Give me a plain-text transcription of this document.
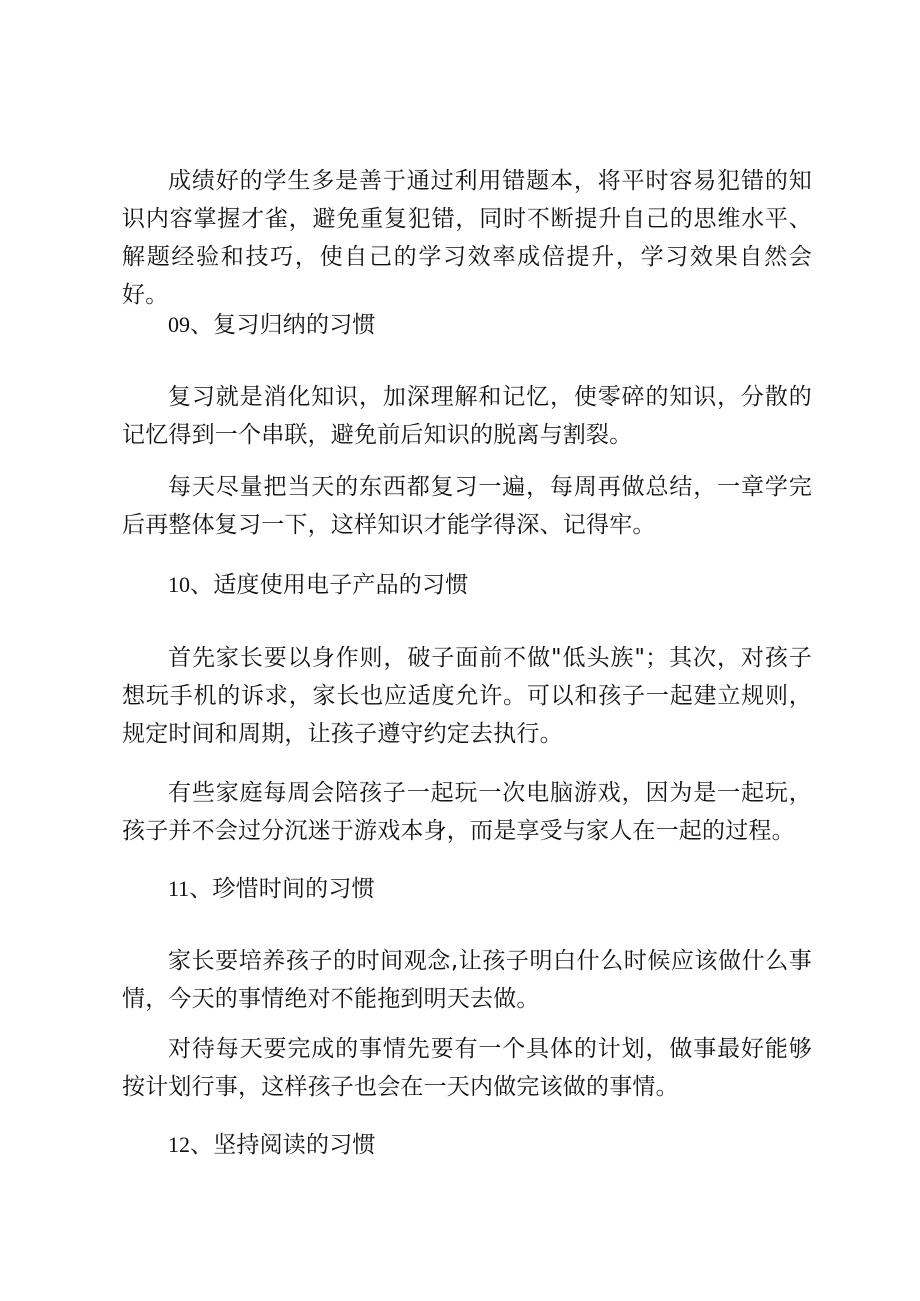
成绩好的学生多是善于通过利用错题本，将平时容易犯错的知识内容掌握才雀，避免重复犯错，同时不断提升自己的思维水平、解题经验和技巧，使自己的学习效率成倍提升，学习效果自然会好。

09、复习归纳的习惯

复习就是消化知识，加深理解和记忆，使零碎的知识，分散的记忆得到一个串联，避免前后知识的脱离与割裂。

每天尽量把当天的东西都复习一遍，每周再做总结，一章学完后再整体复习一下，这样知识才能学得深、记得牢。

10、适度使用电子产品的习惯

首先家长要以身作则，破子面前不做"低头族"；其次，对孩子想玩手机的诉求，家长也应适度允许。可以和孩子一起建立规则，规定时间和周期，让孩子遵守约定去执行。

有些家庭每周会陪孩子一起玩一次电脑游戏，因为是一起玩，孩子并不会过分沉迷于游戏本身，而是享受与家人在一起的过程。

11、珍惜时间的习惯

家长要培养孩子的时间观念,让孩子明白什么时候应该做什么事情，今天的事情绝对不能拖到明天去做。

对待每天要完成的事情先要有一个具体的计划，做事最好能够按计划行事，这样孩子也会在一天内做完该做的事情。

12、坚持阅读的习惯
